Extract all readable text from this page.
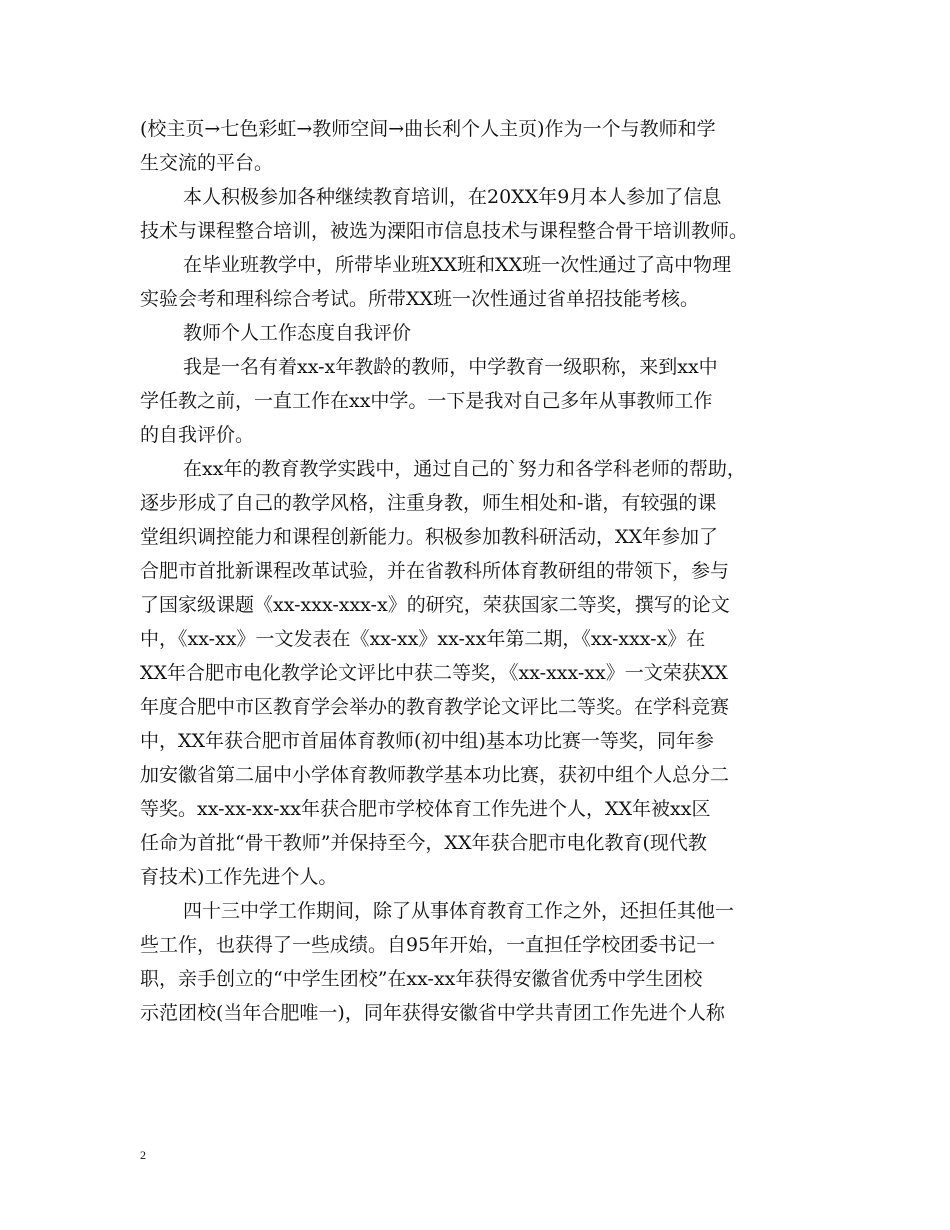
(校主页→七色彩虹→教师空间→曲长利个人主页)作为一个与教师和学
生交流的平台。
本人积极参加各种继续教育培训，在20XX年9月本人参加了信息
技术与课程整合培训，被选为溧阳市信息技术与课程整合骨干培训教师。
在毕业班教学中，所带毕业班XX班和XX班一次性通过了高中物理
实验会考和理科综合考试。所带XX班一次性通过省单招技能考核。
教师个人工作态度自我评价
我是一名有着xx-x年教龄的教师，中学教育一级职称，来到xx中
学任教之前，一直工作在xx中学。一下是我对自己多年从事教师工作
的自我评价。
在xx年的教育教学实践中，通过自己的`努力和各学科老师的帮助，
逐步形成了自己的教学风格，注重身教，师生相处和-谐，有较强的课
堂组织调控能力和课程创新能力。积极参加教科研活动，XX年参加了
合肥市首批新课程改革试验，并在省教科所体育教研组的带领下，参与
了国家级课题《xx-xxx-xxx-x》的研究，荣获国家二等奖，撰写的论文
中，《xx-xx》一文发表在《xx-xx》xx-xx年第二期，《xx-xxx-x》在
XX年合肥市电化教学论文评比中获二等奖，《xx-xxx-xx》一文荣获XX
年度合肥中市区教育学会举办的教育教学论文评比二等奖。在学科竞赛
中，XX年获合肥市首届体育教师(初中组)基本功比赛一等奖，同年参
加安徽省第二届中小学体育教师教学基本功比赛，获初中组个人总分二
等奖。xx-xx-xx-xx年获合肥市学校体育工作先进个人，XX年被xx区
任命为首批“骨干教师”并保持至今，XX年获合肥市电化教育(现代教
育技术)工作先进个人。
四十三中学工作期间，除了从事体育教育工作之外，还担任其他一
些工作，也获得了一些成绩。自95年开始，一直担任学校团委书记一
职，亲手创立的“中学生团校”在xx-xx年获得安徽省优秀中学生团校
示范团校(当年合肥唯一)，同年获得安徽省中学共青团工作先进个人称
2
